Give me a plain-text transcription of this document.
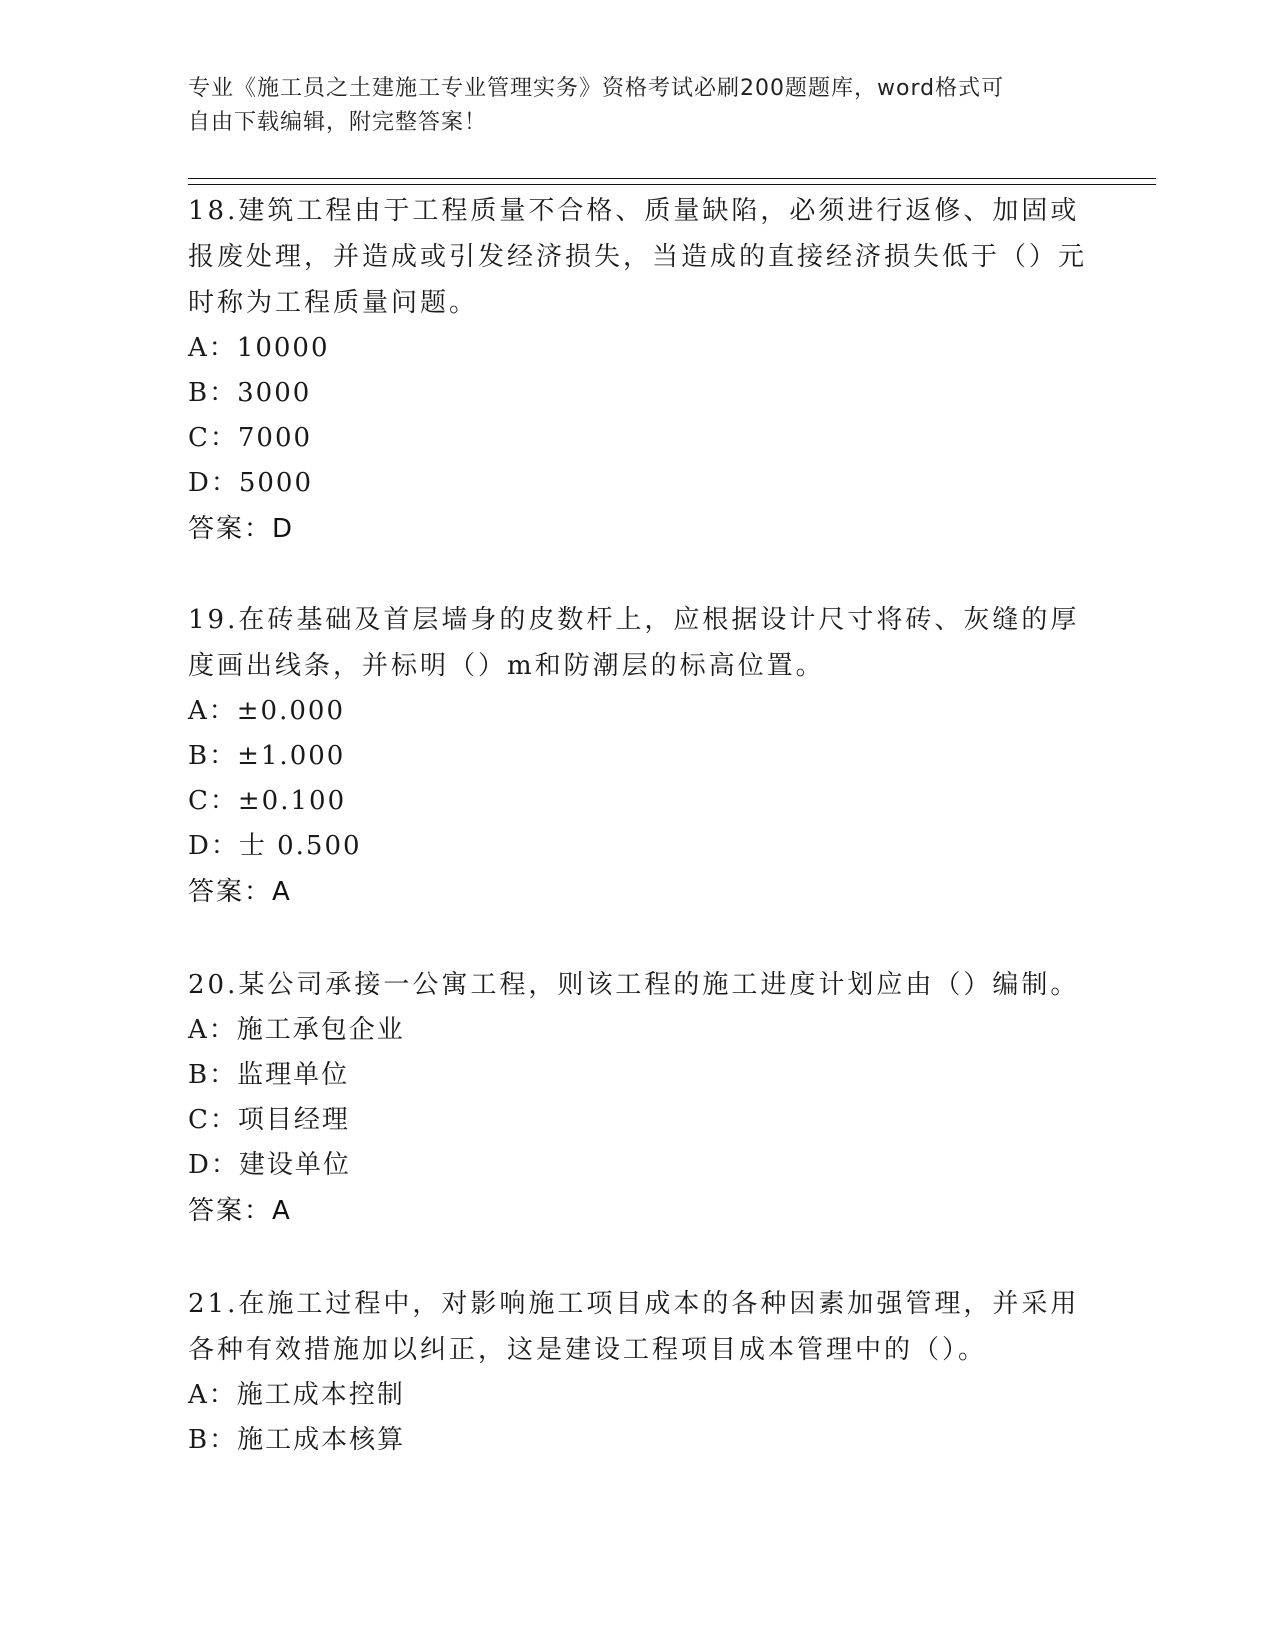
专业《施工员之土建施工专业管理实务》资格考试必刷200题题库，word格式可
自由下载编辑，附完整答案！

18.建筑工程由于工程质量不合格、质量缺陷，必须进行返修、加固或报废处理，并造成或引发经济损失，当造成的直接经济损失低于（）元时称为工程质量问题。

A：10000
B：3000
C：7000
D：5000
答案：D

19.在砖基础及首层墙身的皮数杆上，应根据设计尺寸将砖、灰缝的厚度画出线条，并标明（）m和防潮层的标高位置。

A：±0.000
B：±1.000
C：±0.100
D：士 0.500
答案：A

20.某公司承接一公寓工程，则该工程的施工进度计划应由（）编制。

A：施工承包企业
B：监理单位
C：项目经理
D：建设单位
答案：A

21.在施工过程中，对影响施工项目成本的各种因素加强管理，并采用各种有效措施加以纠正，这是建设工程项目成本管理中的（）。

A：施工成本控制
B：施工成本核算
